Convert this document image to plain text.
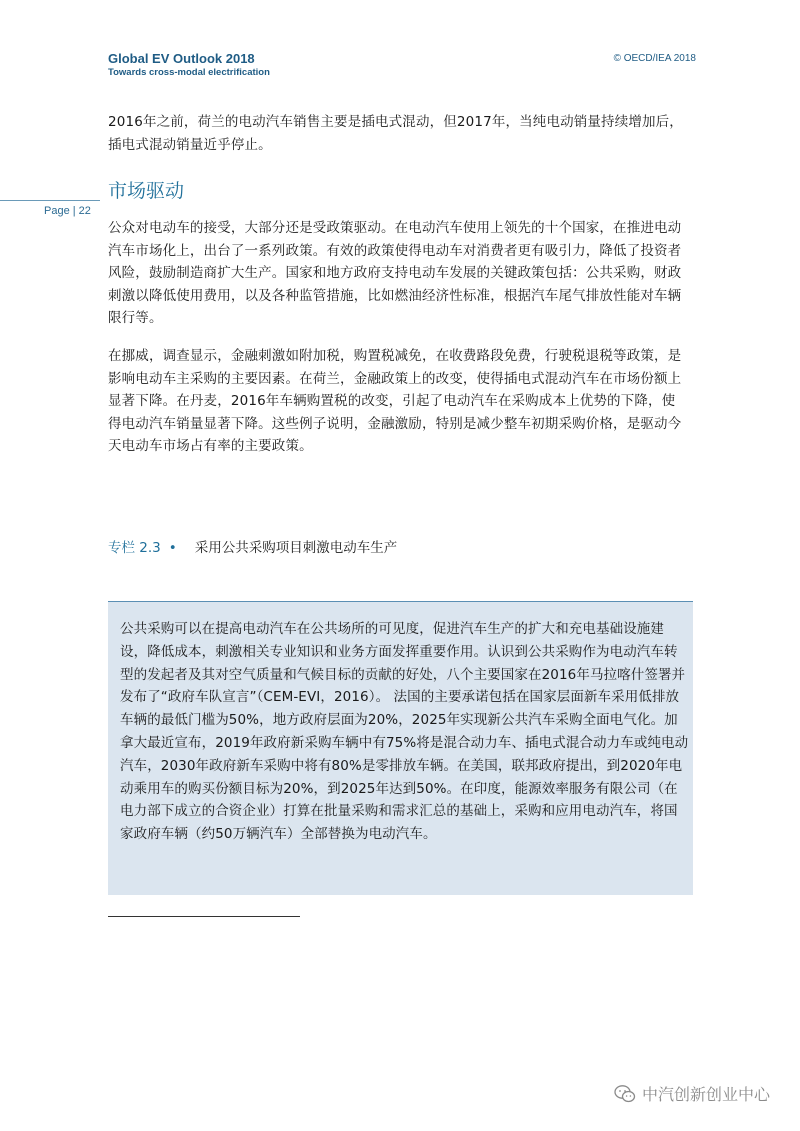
Global EV Outlook 2018
Towards cross-modal electrification
© OECD/IEA 2018

2016年之前，荷兰的电动汽车销售主要是插电式混动，但2017年，当纯电动销量持续增加后，插电式混动销量近乎停止。

市场驱动
Page | 22

公众对电动车的接受，大部分还是受政策驱动。在电动汽车使用上领先的十个国家，在推进电动汽车市场化上，出台了一系列政策。有效的政策使得电动车对消费者更有吸引力，降低了投资者风险，鼓励制造商扩大生产。国家和地方政府支持电动车发展的关键政策包括：公共采购，财政刺激以降低使用费用，以及各种监管措施，比如燃油经济性标准，根据汽车尾气排放性能对车辆限行等。

在挪威，调查显示，金融刺激如附加税，购置税减免，在收费路段免费，行驶税退税等政策，是影响电动车主采购的主要因素。在荷兰，金融政策上的改变，使得插电式混动汽车在市场份额上显著下降。在丹麦，2016年车辆购置税的改变，引起了电动汽车在采购成本上优势的下降，使得电动汽车销量显著下降。这些例子说明，金融激励，特别是减少整车初期采购价格，是驱动今天电动车市场占有率的主要政策。

专栏 2.3 • 采用公共采购项目刺激电动车生产

公共采购可以在提高电动汽车在公共场所的可见度，促进汽车生产的扩大和充电基础设施建设，降低成本，刺激相关专业知识和业务方面发挥重要作用。认识到公共采购作为电动汽车转型的发起者及其对空气质量和气候目标的贡献的好处，八个主要国家在2016年马拉喀什签署并发布了“政府车队宣言”（CEM-EVI，2016）。 法国的主要承诺包括在国家层面新车采用低排放车辆的最低门槛为50%，地方政府层面为20%，2025年实现新公共汽车采购全面电气化。加拿大最近宣布，2019年政府新采购车辆中有75%将是混合动力车、插电式混合动力车或纯电动汽车，2030年政府新车采购中将有80%是零排放车辆。在美国，联邦政府提出，到2020年电动乘用车的购买份额目标为20%，到2025年达到50%。在印度，能源效率服务有限公司（在电力部下成立的合资企业）打算在批量采购和需求汇总的基础上，采购和应用电动汽车，将国家政府车辆（约50万辆汽车）全部替换为电动汽车。

中汽创新创业中心
